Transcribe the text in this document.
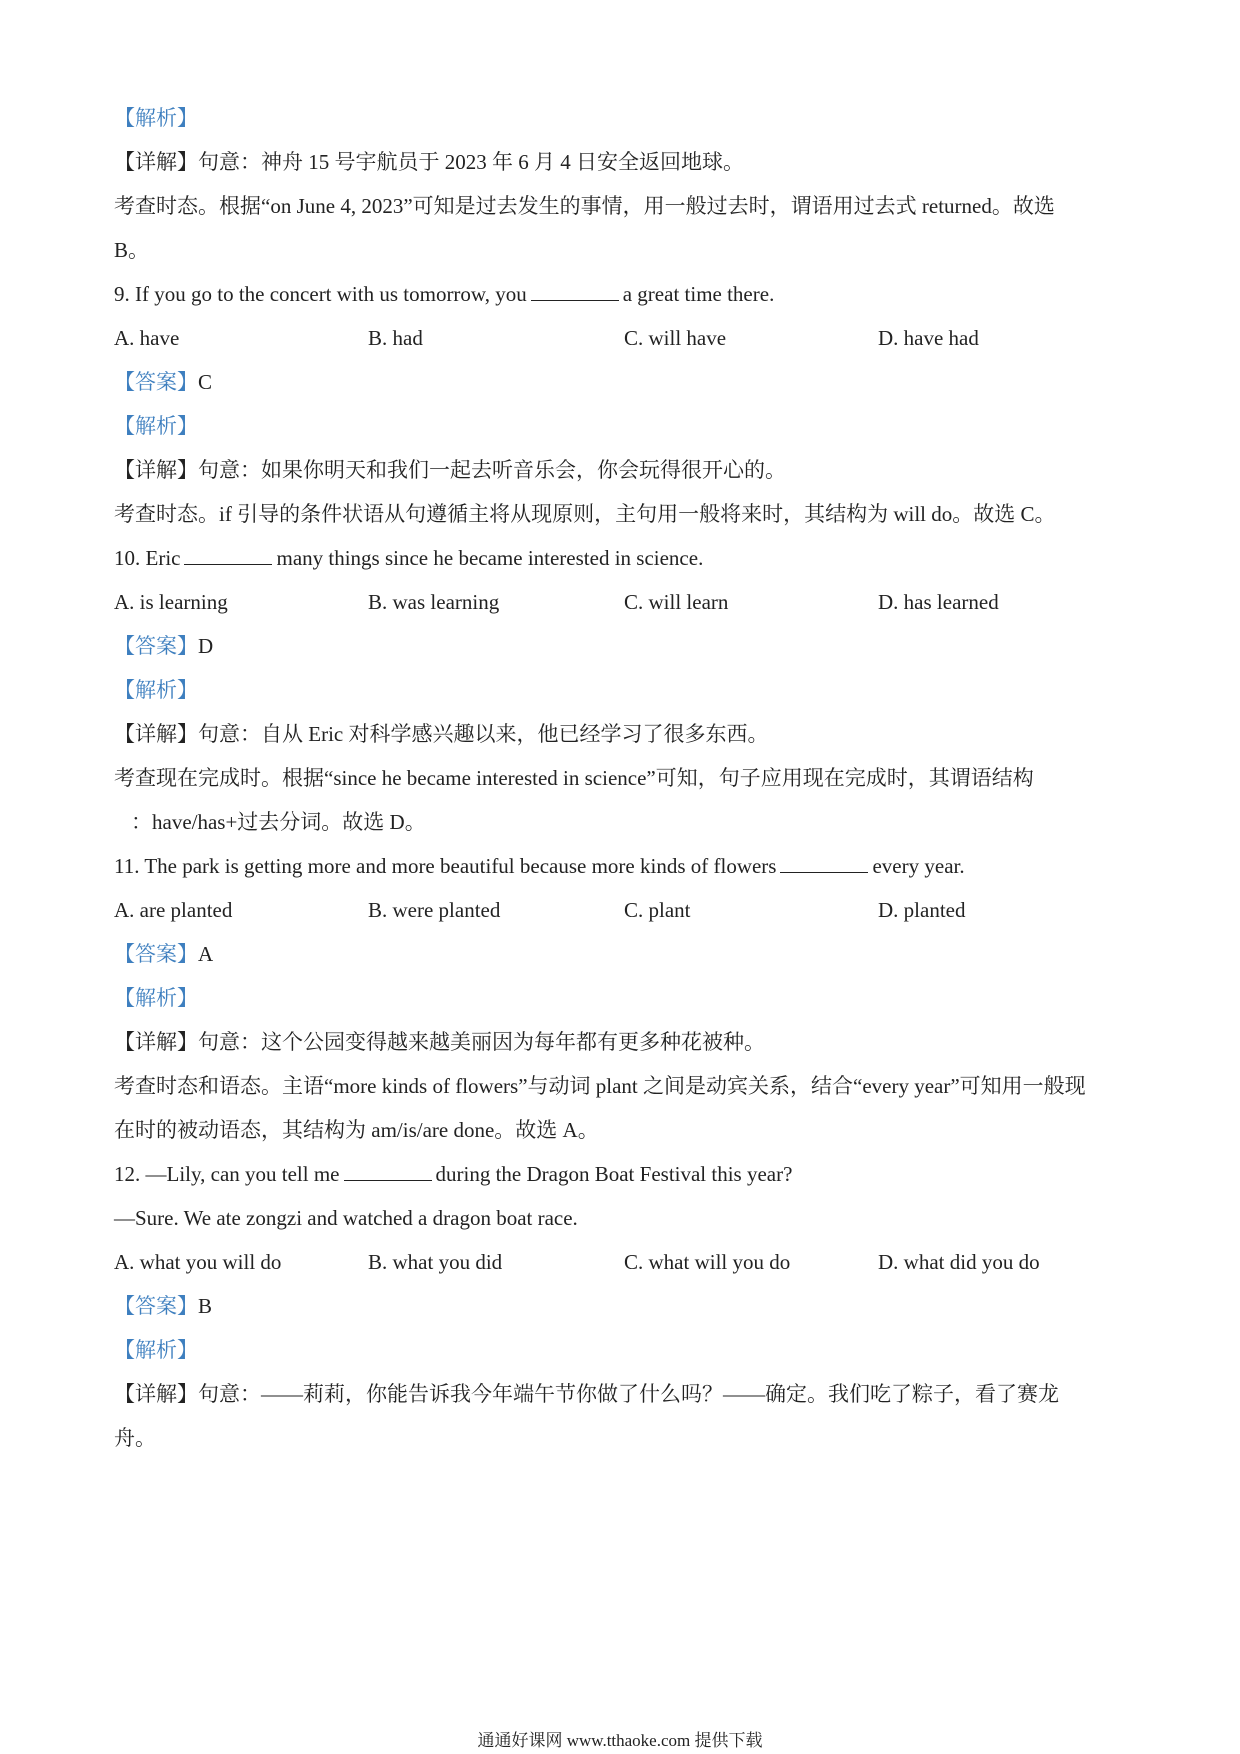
【解析】
【详解】句意：神舟 15 号宇航员于 2023 年 6 月 4 日安全返回地球。
考查时态。根据“on June 4, 2023”可知是过去发生的事情，用一般过去时，谓语用过去式 returned。故选
B。
9. If you go to the concert with us tomorrow, you	a great time there.
A. have	B. had	C. will have	D. have had
【答案】C
【解析】
【详解】句意：如果你明天和我们一起去听音乐会，你会玩得很开心的。
考查时态。if 引导的条件状语从句遵循主将从现原则，主句用一般将来时，其结构为 will do。故选 C。
10. Eric	many things since he became interested in science.
A. is learning	B. was learning	C. will learn	D. has learned
【答案】D
【解析】
【详解】句意：自从 Eric 对科学感兴趣以来，他已经学习了很多东西。
考查现在完成时。根据“since he became interested in science”可知，句子应用现在完成时，其谓语结构
：have/has+过去分词。故选 D。
11. The park is getting more and more beautiful because more kinds of flowers	every year.
A. are planted	B. were planted	C. plant	D. planted
【答案】A
【解析】
【详解】句意：这个公园变得越来越美丽因为每年都有更多种花被种。
考查时态和语态。主语“more kinds of flowers”与动词 plant 之间是动宾关系，结合“every year”可知用一般现
在时的被动语态，其结构为 am/is/are done。故选 A。
12. —Lily, can you tell me	during the Dragon Boat Festival this year?
—Sure. We ate zongzi and watched a dragon boat race.
A. what you will do	B. what you did	C. what will you do	D. what did you do
【答案】B
【解析】
【详解】句意：——莉莉，你能告诉我今年端午节你做了什么吗？——确定。我们吃了粽子，看了赛龙
舟。
通通好课网 www.tthaoke.com 提供下载
